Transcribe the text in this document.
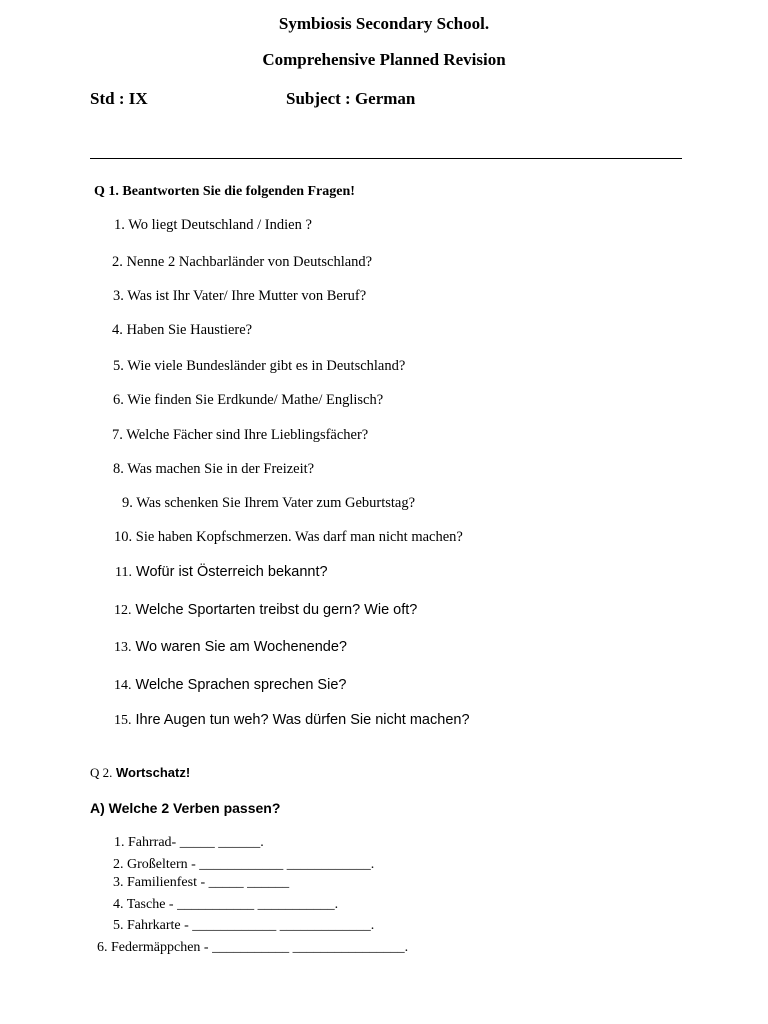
Symbiosis Secondary School.
Comprehensive Planned Revision
Std : IX	Subject : German
Q 1. Beantworten Sie die folgenden Fragen!
1. Wo liegt Deutschland / Indien ?
2. Nenne 2 Nachbarländer von Deutschland?
3. Was ist Ihr Vater/ Ihre Mutter von Beruf?
4. Haben Sie Haustiere?
5. Wie viele Bundesländer gibt es in Deutschland?
6. Wie finden Sie Erdkunde/ Mathe/ Englisch?
7. Welche Fächer sind Ihre Lieblingsfächer?
8. Was machen Sie in der Freizeit?
9. Was schenken Sie Ihrem Vater zum Geburtstag?
10. Sie haben Kopfschmerzen. Was darf man nicht machen?
11. Wofür ist Österreich bekannt?
12. Welche Sportarten treibst du gern? Wie oft?
13. Wo waren Sie am Wochenende?
14. Welche Sprachen sprechen Sie?
15. Ihre Augen tun weh? Was dürfen Sie nicht machen?
Q 2. Wortschatz!
A) Welche 2 Verben passen?
1. Fahrrad- _____ ______.
2. Großeltern - ____________ ____________.
3. Familienfest - _____ ______
4. Tasche - ___________ ___________.
5. Fahrkarte - ____________ _____________.
6. Federmäppchen - ___________ ________________.
